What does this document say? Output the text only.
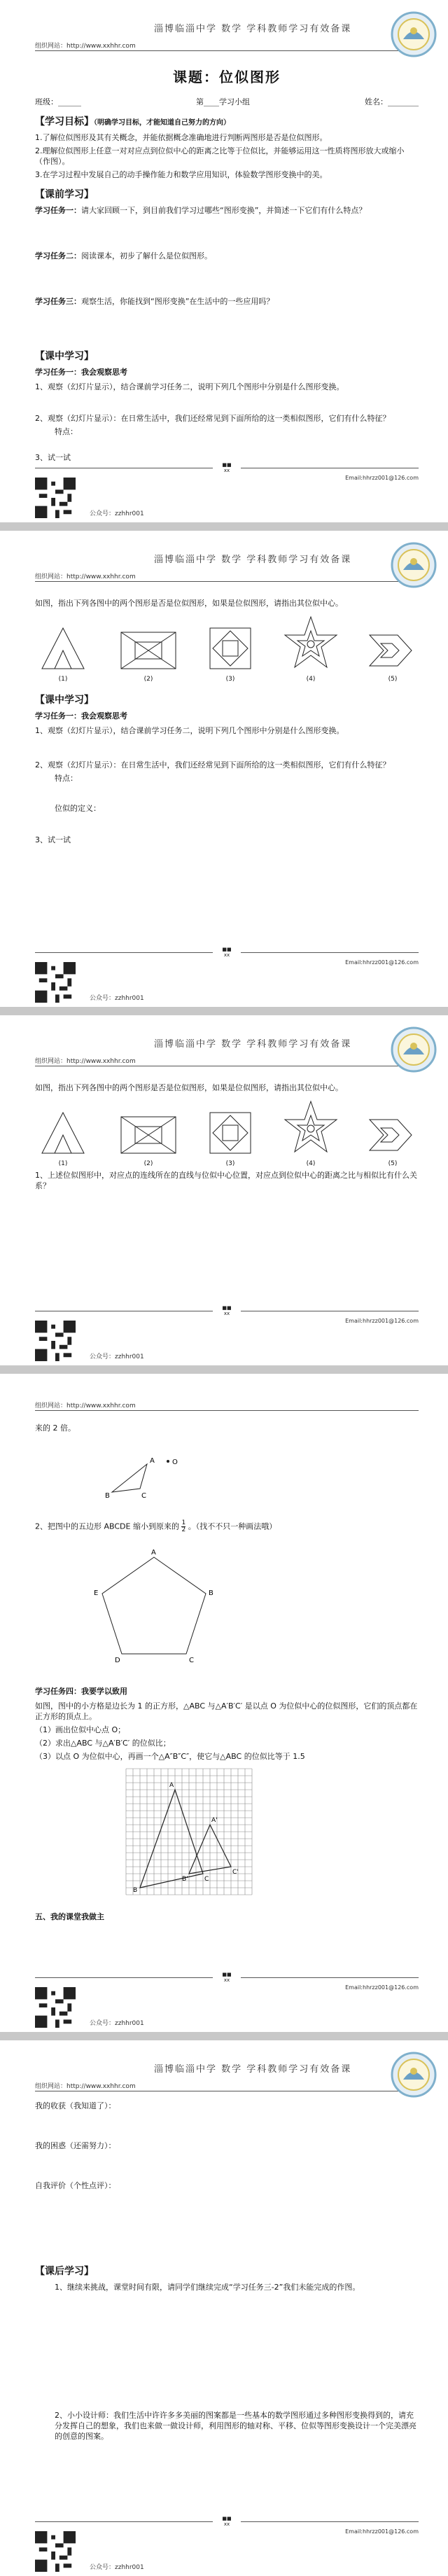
淄博临淄中学 数学 学科教师学习有效备课
组织网站：http://www.xxhhr.com
课题：位似图形
班级：______	第____学习小组	姓名：________
【学习目标】（明确学习目标，才能知道自己努力的方向）

1.了解位似图形及其有关概念，并能依据概念准确地进行判断两图形是否是位似图形。

2.理解位似图形上任意一对对应点到位似中心的距离之比等于位似比，并能够运用这一性质将图形放大或缩小（作图）。

3.在学习过程中发展自己的动手操作能力和数学应用知识，体验数学图形变换中的美。

【课前学习】
学习任务一：请大家回顾一下，到目前我们学习过哪些“图形变换”，并简述一下它们有什么特点？
学习任务二：阅读课本，初步了解什么是位似图形。
学习任务三：观察生活，你能找到“图形变换”在生活中的一些应用吗？
【课中学习】
学习任务一：我会观察思考

1、观察（幻灯片显示），结合课前学习任务二，说明下列几个图形中分别是什么图形变换。

2、观察（幻灯片显示）：在日常生活中，我们还经常见到下面所给的这一类相似图形，它们有什么特征？

特点：

3、试一试

■■
xx
公众号：zzhhr001
Email:hhrzz001@126.com
淄博临淄中学 数学 学科教师学习有效备课
组织网站：http://www.xxhhr.com

如图，指出下列各图中的两个图形是否是位似图形，如果是位似图形，请指出其位似中心。

(1)	(2)	(3)	(4)	(5)
【课中学习】
学习任务一：我会观察思考

1、观察（幻灯片显示），结合课前学习任务二，说明下列几个图形中分别是什么图形变换。

2、观察（幻灯片显示）：在日常生活中，我们还经常见到下面所给的这一类相似图形，它们有什么特征？

特点：

位似的定义：

3、试一试

■■
xx
公众号：zzhhr001
Email:hhrzz001@126.com
淄博临淄中学 数学 学科教师学习有效备课
组织网站：http://www.xxhhr.com

如图，指出下列各图中的两个图形是否是位似图形，如果是位似图形，请指出其位似中心。

(1)	(2)	(3)	(4)	(5)

1、上述位似图形中，对应点的连线所在的直线与位似中心位置，对应点到位似中心的距离之比与相似比有什么关系？

■■
xx
公众号：zzhhr001
Email:hhrzz001@126.com
组织网站：http://www.xxhhr.com

来的 2 倍。

O
A
B	C

2、把图中的五边形 ABCDE 缩小到原来的 $\frac{1}{2}$ 。（找不不只一种画法哦）

A
B
C
D
E
学习任务四：我要学以致用

如图，图中的小方格是边长为 1 的正方形，△ABC 与△A′B′C′ 是以点 O 为位似中心的位似图形，它们的顶点都在正方形的顶点上。

（1）画出位似中心点 O；

（2）求出△ABC 与△A′B′C′ 的位似比；

（3）以点 O 为位似中心，再画一个△A″B″C″，使它与△ABC 的位似比等于 1.5

A
B
C
A'
B'
C'
五、我的课堂我做主
■■
xx
公众号：zzhhr001
Email:hhrzz001@126.com
淄博临淄中学 数学 学科教师学习有效备课
组织网站：http://www.xxhhr.com

我的收获（我知道了）：

我的困惑（还需努力）：

自我评价（个性点评）：

【课后学习】

1、继续来挑战，课堂时间有限，请同学们继续完成“学习任务三-2”我们未能完成的作图。

2、小小设计师：我们生活中许许多多美丽的图案都是一些基本的数学图形通过多种图形变换得到的，请充分发挥自己的想象，我们也来做一做设计师，利用图形的轴对称、平移、位似等图形变换设计一个完美漂亮的创意的图案。

■■
xx
公众号：zzhhr001
Email:hhrzz001@126.com
